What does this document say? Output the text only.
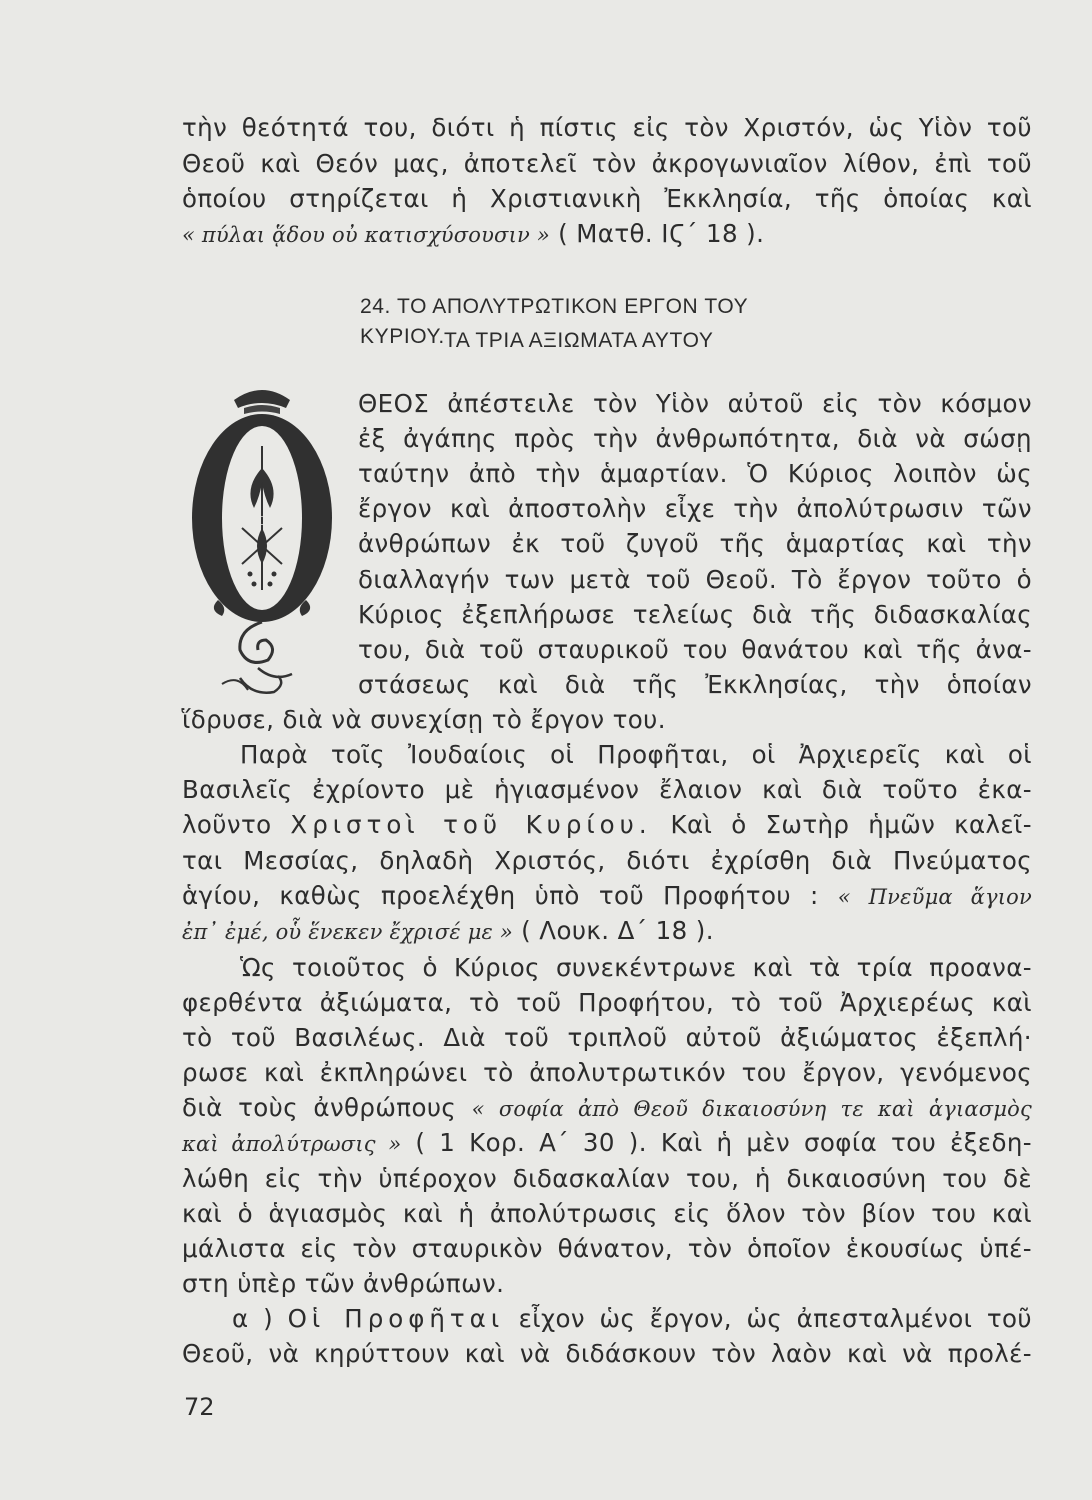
τὴν θεότητά του, διότι ἡ πίστις εἰς τὸν Χριστόν, ὡς Υἱὸν τοῦ
Θεοῦ καὶ Θεόν μας, ἀποτελεῖ τὸν ἀκρογωνιαῖον λίθον, ἐπὶ τοῦ
ὁποίου στηρίζεται ἡ Χριστιανικὴ Ἐκκλησία, τῆς ὁποίας καὶ
« πύλαι ᾅδου οὐ κατισχύσουσιν » ( Ματθ. ΙϚ΄ 18 ).
24. ΤΟ ΑΠΟΛΥΤΡΩΤΙΚΟΝ ΕΡΓΟΝ ΤΟΥ ΚΥΡΙΟΥ. ΤΑ ΤΡΙΑ ΑΞΙΩΜΑΤΑ ΑΥΤΟΥ
Ο
ΘΕΟΣ ἀπέστειλε τὸν Υἱὸν αὐτοῦ εἰς τὸν κόσμον
ἐξ ἀγάπης πρὸς τὴν ἀνθρωπότητα, διὰ νὰ σώσῃ
ταύτην ἀπὸ τὴν ἁμαρτίαν. Ὁ Κύριος λοιπὸν ὡς
ἔργον καὶ ἀποστολὴν εἶχε τὴν ἀπολύτρωσιν τῶν
ἀνθρώπων ἐκ τοῦ ζυγοῦ τῆς ἁμαρτίας καὶ τὴν
διαλλαγήν των μετὰ τοῦ Θεοῦ. Τὸ ἔργον τοῦτο ὁ
Κύριος ἐξεπλήρωσε τελείως διὰ τῆς διδασκαλίας
του, διὰ τοῦ σταυρικοῦ του θανάτου καὶ τῆς ἀνα-
στάσεως καὶ διὰ τῆς Ἐκκλησίας, τὴν ὁποίαν
ἵδρυσε, διὰ νὰ συνεχίσῃ τὸ ἔργον του.
Παρὰ τοῖς Ἰουδαίοις οἱ Προφῆται, οἱ Ἀρχιερεῖς καὶ οἱ
Βασιλεῖς ἐχρίοντο μὲ ἡγιασμένον ἔλαιον καὶ διὰ τοῦτο ἐκα-
λοῦντο Χριστοὶ τοῦ Κυρίου. Καὶ ὁ Σωτὴρ ἡμῶν καλεῖ-
ται Μεσσίας, δηλαδὴ Χριστός, διότι ἐχρίσθη διὰ Πνεύματος
ἁγίου, καθὼς προελέχθη ὑπὸ τοῦ Προφήτου : « Πνεῦμα ἅγιον
ἐπ᾽ ἐμέ, οὗ ἕνεκεν ἔχρισέ με » ( Λουκ. Δ΄ 18 ).
Ὡς τοιοῦτος ὁ Κύριος συνεκέντρωνε καὶ τὰ τρία προανα-
φερθέντα ἀξιώματα, τὸ τοῦ Προφήτου, τὸ τοῦ Ἀρχιερέως καὶ
τὸ τοῦ Βασιλέως. Διὰ τοῦ τριπλοῦ αὐτοῦ ἀξιώματος ἐξεπλή·
ρωσε καὶ ἐκπληρώνει τὸ ἀπολυτρωτικόν του ἔργον, γενόμενος
διὰ τοὺς ἀνθρώπους « σοφία ἀπὸ Θεοῦ δικαιοσύνη τε καὶ ἁγιασμὸς
καὶ ἀπολύτρωσις » ( 1 Κορ. Α΄ 30 ). Καὶ ἡ μὲν σοφία του ἐξεδη-
λώθη εἰς τὴν ὑπέροχον διδασκαλίαν του, ἡ δικαιοσύνη του δὲ
καὶ ὁ ἁγιασμὸς καὶ ἡ ἀπολύτρωσις εἰς ὅλον τὸν βίον του καὶ
μάλιστα εἰς τὸν σταυρικὸν θάνατον, τὸν ὁποῖον ἑκουσίως ὑπέ-
στη ὑπὲρ τῶν ἀνθρώπων.
α ) Οἱ Προφῆται εἶχον ὡς ἔργον, ὡς ἀπεσταλμένοι τοῦ
Θεοῦ, νὰ κηρύττουν καὶ νὰ διδάσκουν τὸν λαὸν καὶ νὰ προλέ-
72
